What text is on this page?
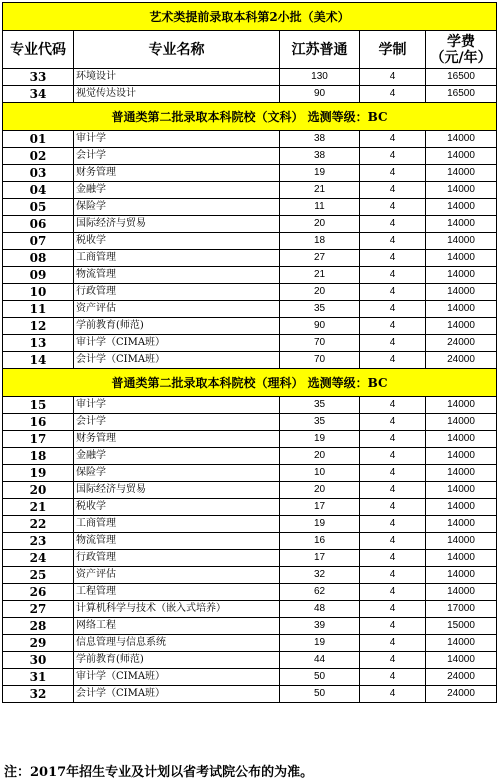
艺术类提前录取本科第2小批（美术）				
专业代码	专业名称	江苏普通	学制	学费
（元/年）

33	环境设计	130	4	16500
34	视觉传达设计	90	4	16500
普通类第二批录取本科院校（文科） 选测等级：BC				
01	审计学	38	4	14000
02	会计学	38	4	14000
03	财务管理	19	4	14000
04	金融学	21	4	14000
05	保险学	11	4	14000
06	国际经济与贸易	20	4	14000
07	税收学	18	4	14000
08	工商管理	27	4	14000
09	物流管理	21	4	14000
10	行政管理	20	4	14000
11	资产评估	35	4	14000
12	学前教育(师范)	90	4	14000
13	审计学（CIMA班）	70	4	24000
14	会计学（CIMA班）	70	4	24000
普通类第二批录取本科院校（理科） 选测等级：BC				
15	审计学	35	4	14000
16	会计学	35	4	14000
17	财务管理	19	4	14000
18	金融学	20	4	14000
19	保险学	10	4	14000
20	国际经济与贸易	20	4	14000
21	税收学	17	4	14000
22	工商管理	19	4	14000
23	物流管理	16	4	14000
24	行政管理	17	4	14000
25	资产评估	32	4	14000
26	工程管理	62	4	14000
27	计算机科学与技术（嵌入式培养）	48	4	17000
28	网络工程	39	4	15000
29	信息管理与信息系统	19	4	14000
30	学前教育(师范)	44	4	14000
31	审计学（CIMA班）	50	4	24000
32	会计学（CIMA班）	50	4	24000
注：2017年招生专业及计划以省考试院公布的为准。
